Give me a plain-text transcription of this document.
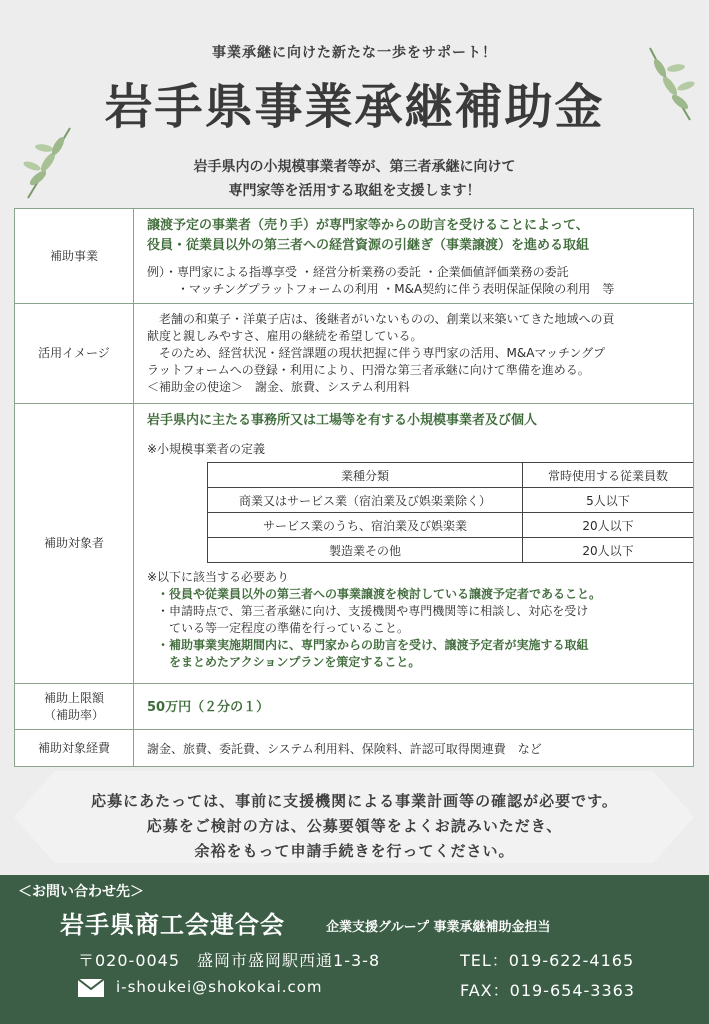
事業承継に向けた新たな一歩をサポート！
岩手県事業承継補助金
岩手県内の小規模事業者等が、第三者承継に向けて
専門家等を活用する取組を支援します！
補助事業	
譲渡予定の事業者（売り手）が専門家等からの助言を受けることによって、
役員・従業員以外の第三者への経営資源の引継ぎ（事業譲渡）を進める取組
例）・専門家による指導享受 ・経営分析業務の委託 ・企業価値評価業務の委託
・マッチングプラットフォームの利用 ・M&A契約に伴う表明保証保険の利用　等

活用イメージ	
　老舗の和菓子・洋菓子店は、後継者がいないものの、創業以来築いてきた地域への貢
献度と親しみやすさ、雇用の継続を希望している。
　そのため、経営状況・経営課題の現状把握に伴う専門家の活用、M&Aマッチングプ
ラットフォームへの登録・利用により、円滑な第三者承継に向けて準備を進める。
＜補助金の使途＞　謝金、旅費、システム利用料

補助対象者	
岩手県内に主たる事務所又は工場等を有する小規模事業者及び個人
※小規模事業者の定義
業種分類	常時使用する従業員数
商業又はサービス業（宿泊業及び娯楽業除く）	5人以下
サービス業のうち、宿泊業及び娯楽業	20人以下
製造業その他	20人以下
※以下に該当する必要あり
・役員や従業員以外の第三者への事業譲渡を検討している譲渡予定者であること。
・申請時点で、第三者承継に向け、支援機関や専門機関等に相談し、対応を受け
ている等一定程度の準備を行っていること。
・補助事業実施期間内に、専門家からの助言を受け、譲渡予定者が実施する取組
をまとめたアクションプランを策定すること。

補助上限額
（補助率）	50万円（２分の１）

補助対象経費	謝金、旅費、委託費、システム利用料、保険料、許認可取得関連費　など
応募にあたっては、事前に支援機関による事業計画等の確認が必要です。
応募をご検討の方は、公募要領等をよくお読みいただき、
余裕をもって申請手続きを行ってください。
＜お問い合わせ先＞
岩手県商工会連合会	企業支援グループ 事業承継補助金担当
〒020-0045　盛岡市盛岡駅西通1-3-8	TEL：019-622-4165
i-shoukei@shokokai.com	FAX：019-654-3363
